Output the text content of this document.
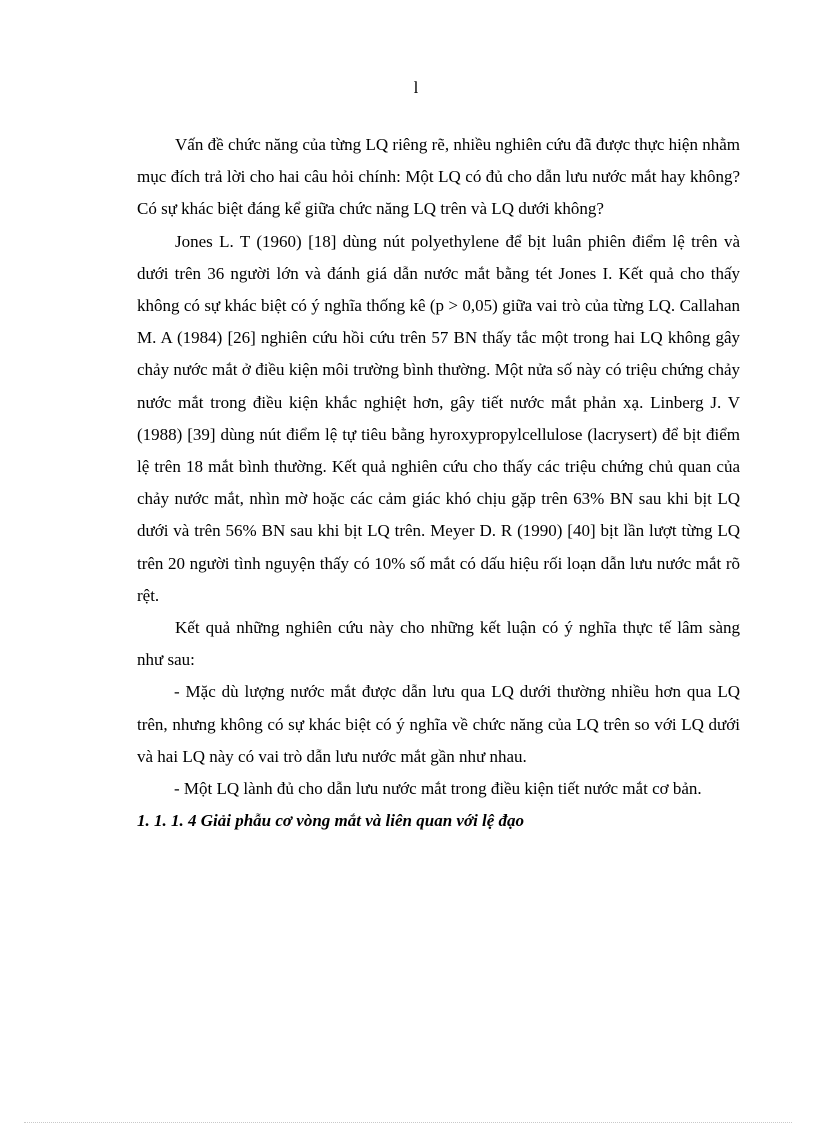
l

Vấn đề chức năng của từng LQ riêng rẽ, nhiều nghiên cứu đã được thực hiện nhằm mục đích trả lời cho hai câu hỏi chính: Một LQ có đủ cho dẫn lưu nước mắt hay không? Có sự khác biệt đáng kể giữa chức năng LQ trên và LQ dưới không?

Jones L. T (1960) [18] dùng nút polyethylene để bịt luân phiên điểm lệ trên và dưới trên 36 người lớn và đánh giá dẫn nước mắt bằng tét Jones I. Kết quả cho thấy không có sự khác biệt có ý nghĩa thống kê (p > 0,05) giữa vai trò của từng LQ. Callahan M. A (1984) [26] nghiên cứu hồi cứu trên 57 BN thấy tắc một trong hai LQ không gây chảy nước mắt ở điều kiện môi trường bình thường. Một nửa số này có triệu chứng chảy nước mắt trong điều kiện khắc nghiệt hơn, gây tiết nước mắt phản xạ. Linberg J. V (1988) [39] dùng nút điểm lệ tự tiêu bằng hyroxypropylcellulose (lacrysert) để bịt điểm lệ trên 18 mắt bình thường. Kết quả nghiên cứu cho thấy các triệu chứng chủ quan của chảy nước mắt, nhìn mờ hoặc các cảm giác khó chịu gặp trên 63% BN sau khi bịt LQ dưới và trên 56% BN sau khi bịt LQ trên. Meyer D. R (1990) [40] bịt lần lượt từng LQ trên 20 người tình nguyện thấy có 10% số mắt có dấu hiệu rối loạn dẫn lưu nước mắt rõ rệt.

Kết quả những nghiên cứu này cho những kết luận có ý nghĩa thực tế lâm sàng như sau:

- Mặc dù lượng nước mắt được dẫn lưu qua LQ dưới thường nhiều hơn qua LQ trên, nhưng không có sự khác biệt có ý nghĩa về chức năng của LQ trên so với LQ dưới và hai LQ này có vai trò dẫn lưu nước mắt gần như nhau.

- Một LQ lành đủ cho dẫn lưu nước mắt trong điều kiện tiết nước mắt cơ bản.

1. 1. 1. 4 Giải phẫu cơ vòng mắt và liên quan với lệ đạo
